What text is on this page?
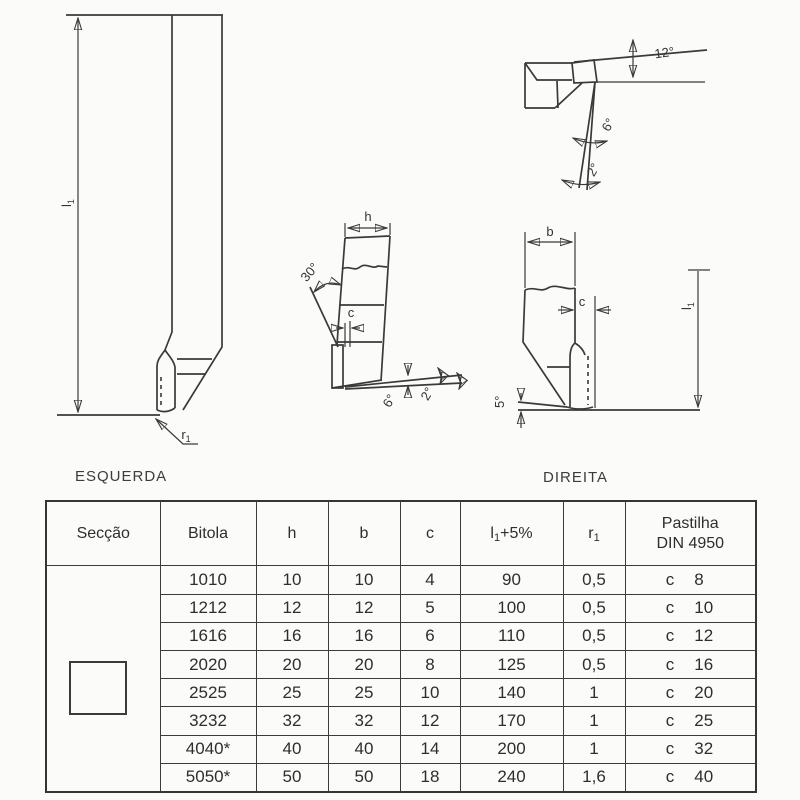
$l_1$
$r_1$
h
30°
c
6° 2°
12°
6°
2°
b
c
5°
$l_1$
ESQUERDA	DIREITA
Secção	Bitola	h	b	c	$l_1+5\%$	$r_1$	Pastilha
DIN 4950

	1010	10	10	4	90	0,5	c 8

	1212	12	12	5	100	0,5	c 10

	1616	16	16	6	110	0,5	c 12

	2020	20	20	8	125	0,5	c 16

	2525	25	25	10	140	1	c 20

	3232	32	32	12	170	1	c 25

	4040*	40	40	14	200	1	c 32

	5050*	50	50	18	240	1,6	c 40
